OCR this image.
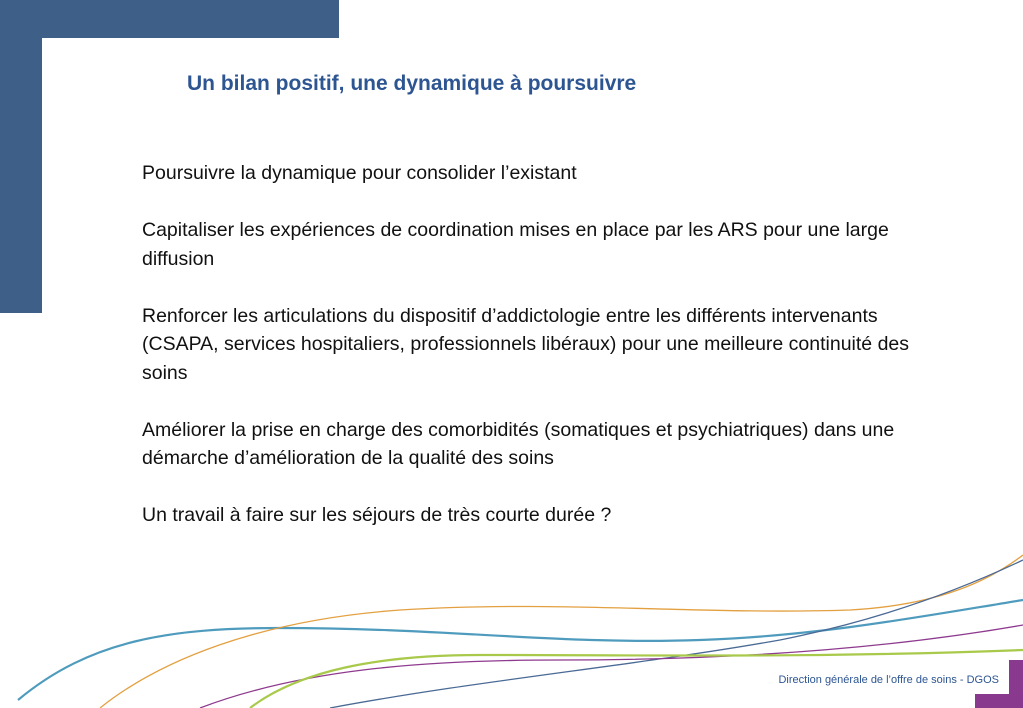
Un bilan positif, une dynamique à poursuivre

Poursuivre la dynamique pour consolider l’existant

Capitaliser les expériences de coordination mises en place par les ARS pour une large diffusion

Renforcer les articulations du dispositif d’addictologie entre les différents intervenants (CSAPA, services hospitaliers, professionnels libéraux) pour une meilleure continuité des soins

Améliorer la prise en charge des comorbidités (somatiques et psychiatriques) dans une démarche d’amélioration de la qualité des soins

Un travail à faire sur les séjours de très courte durée ?

Direction générale de l’offre de soins - DGOS
